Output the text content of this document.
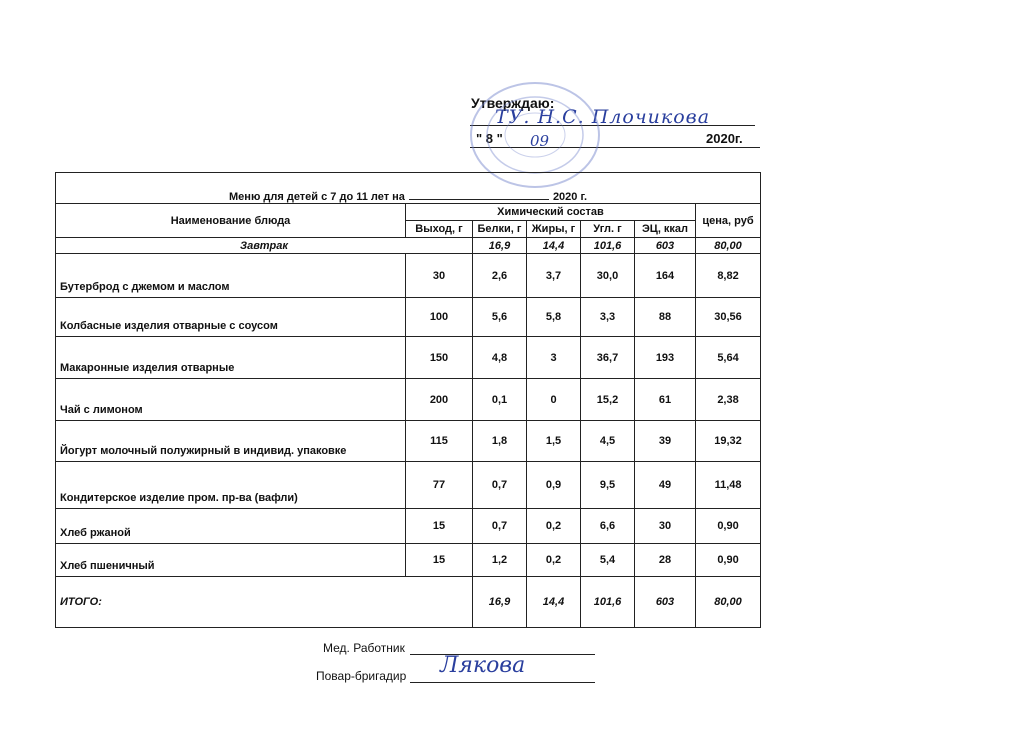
Утверждаю:
ТУ. Н.С. Плочикова
" 8 " 09	2020г.
Меню для детей с 7 до 11 лет на 2020 г.						
Наименование блюда	Химический состав					цена, руб
	Выход, г	Белки, г	Жиры, г	Угл. г	ЭЦ, ккал	
Завтрак		16,9	14,4	101,6	603	80,00
Бутерброд с джемом и маслом	30	2,6	3,7	30,0	164	8,82
Колбасные изделия отварные с соусом	100	5,6	5,8	3,3	88	30,56
Макаронные изделия отварные	150	4,8	3	36,7	193	5,64
Чай с лимоном	200	0,1	0	15,2	61	2,38
Йогурт молочный полужирный в индивид. упаковке	115	1,8	1,5	4,5	39	19,32
Кондитерское изделие пром. пр-ва (вафли)	77	0,7	0,9	9,5	49	11,48
Хлеб ржаной	15	0,7	0,2	6,6	30	0,90
Хлеб пшеничный	15	1,2	0,2	5,4	28	0,90
ИТОГО:		16,9	14,4	101,6	603	80,00
Мед. Работник
Повар-бригадир Лякова
